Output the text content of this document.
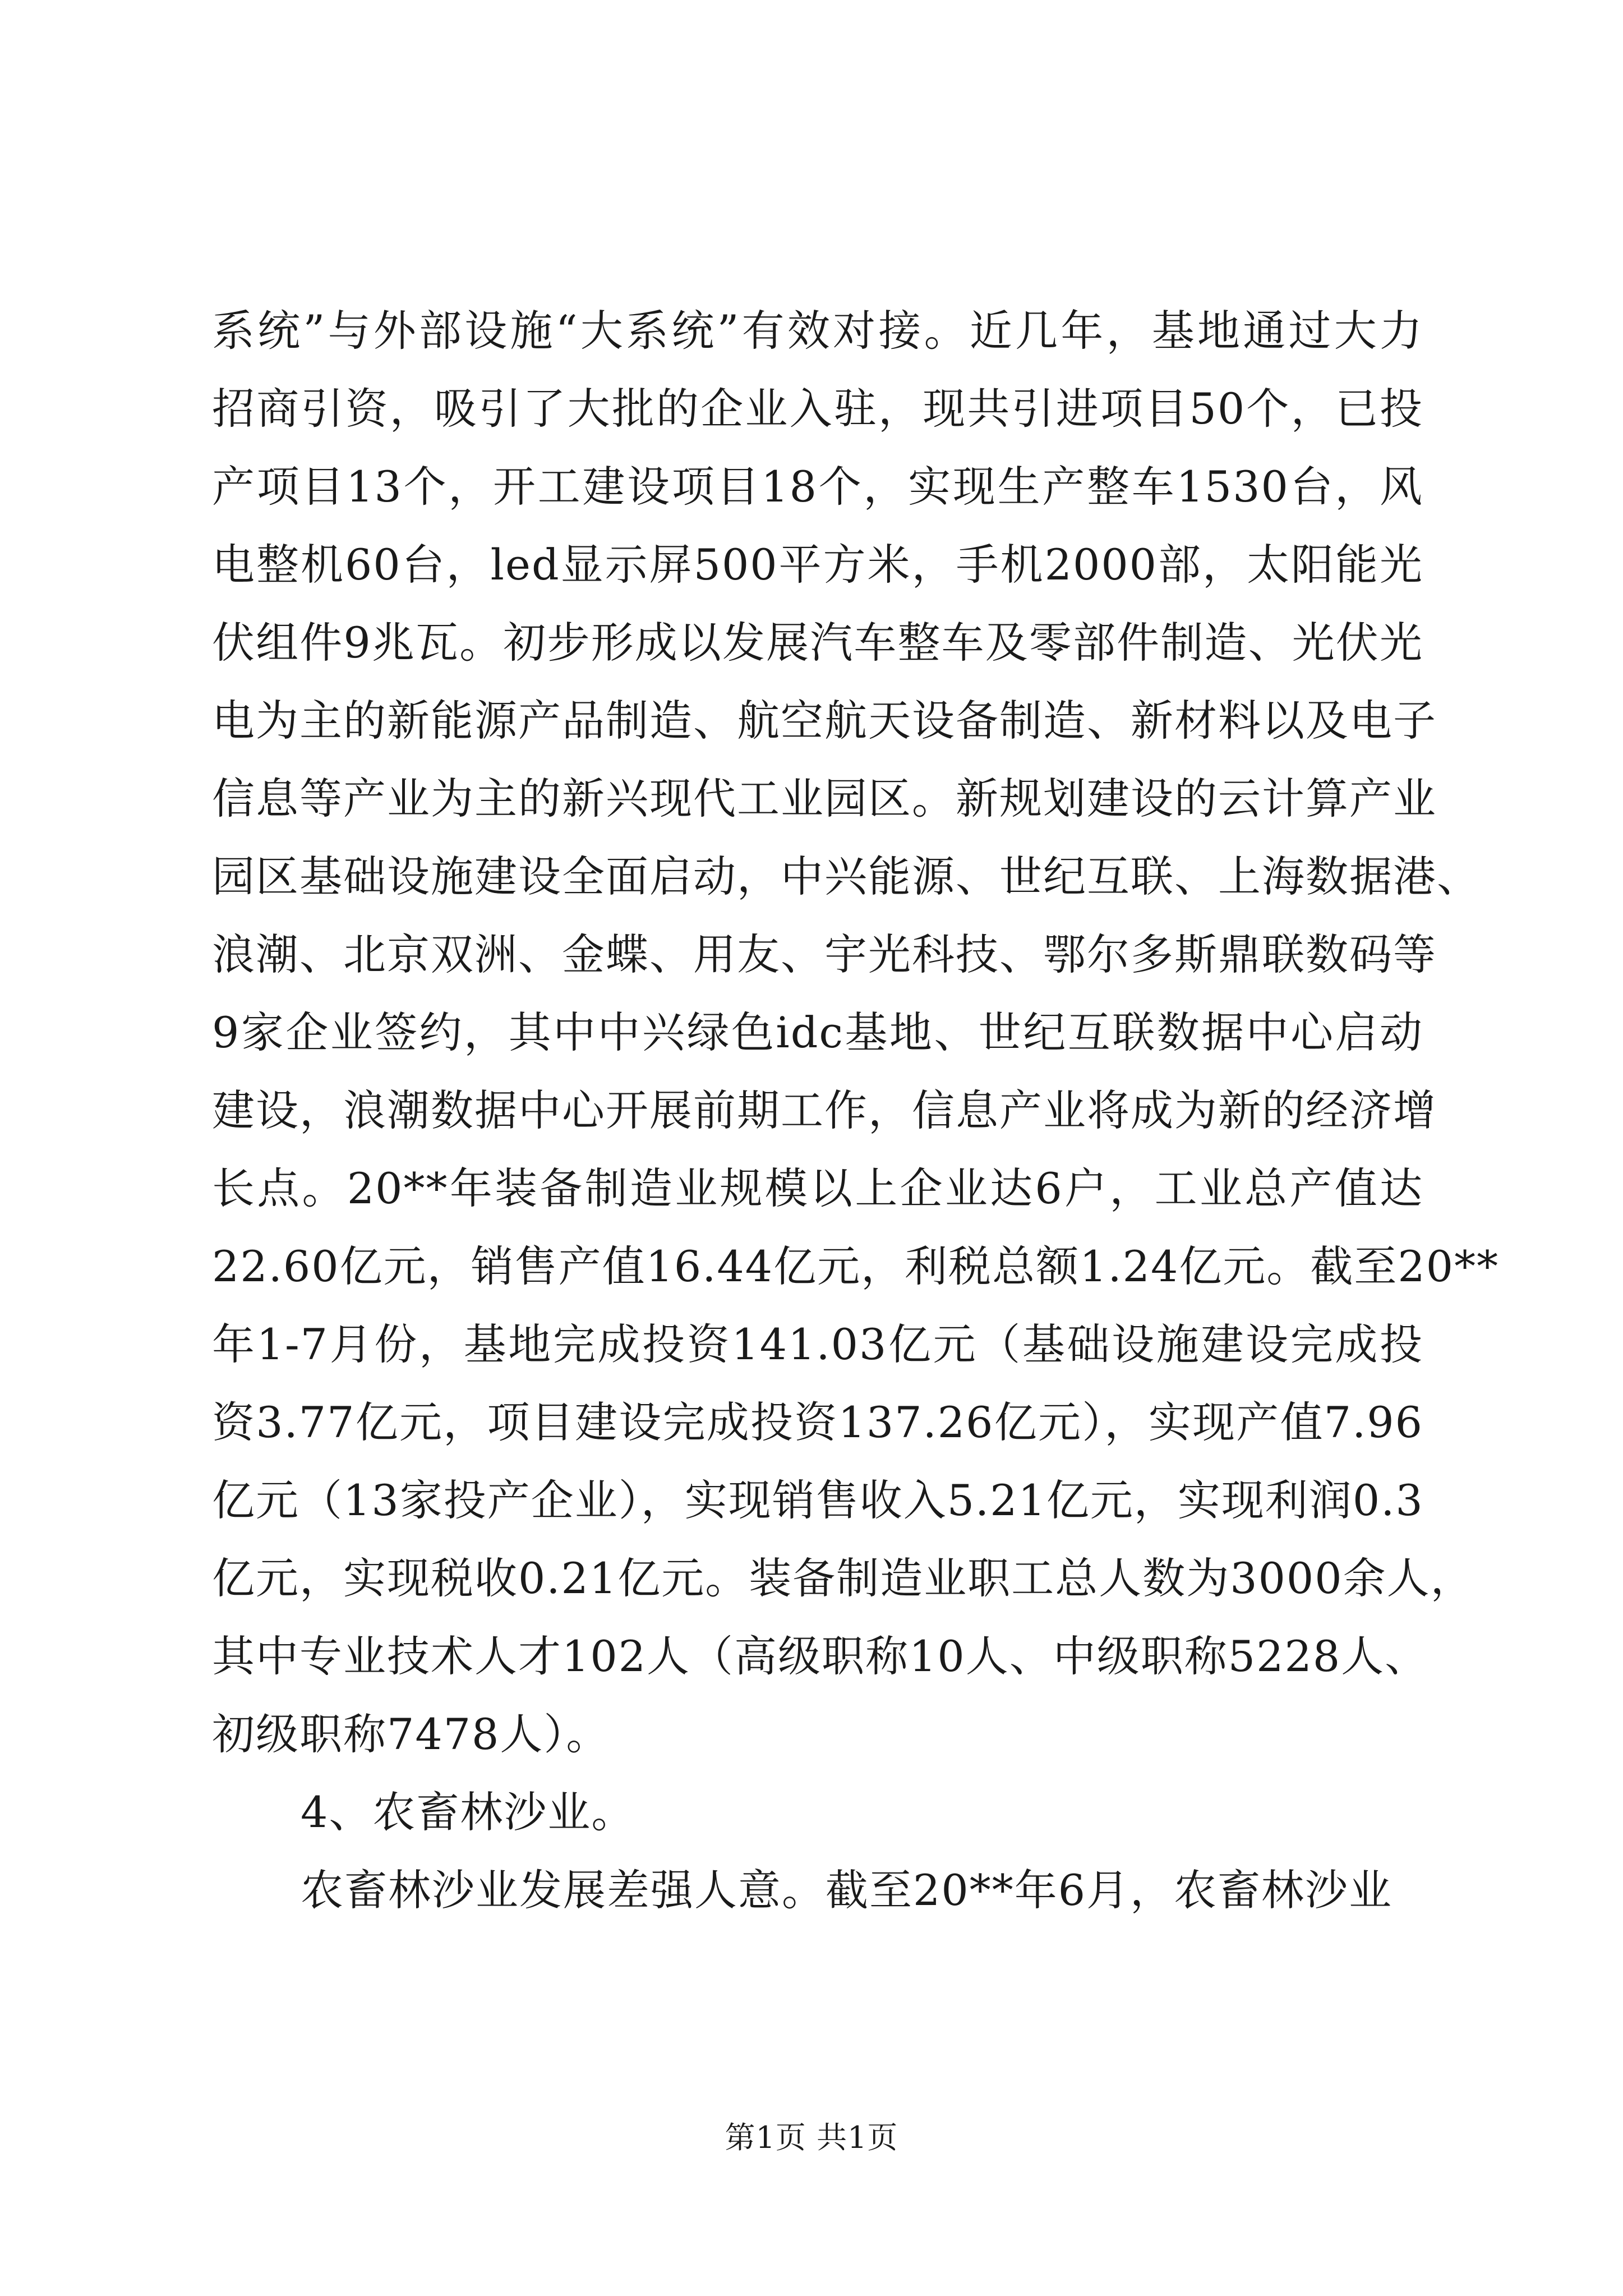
系统”与外部设施“大系统”有效对接。近几年，基地通过大力
招商引资，吸引了大批的企业入驻，现共引进项目50个，已投
产项目13个，开工建设项目18个，实现生产整车1530台，风
电整机60台，led显示屏500平方米，手机2000部，太阳能光
伏组件9兆瓦。初步形成以发展汽车整车及零部件制造、光伏光
电为主的新能源产品制造、航空航天设备制造、新材料以及电子
信息等产业为主的新兴现代工业园区。新规划建设的云计算产业
园区基础设施建设全面启动，中兴能源、世纪互联、上海数据港、
浪潮、北京双洲、金蝶、用友、宇光科技、鄂尔多斯鼎联数码等
9家企业签约，其中中兴绿色idc基地、世纪互联数据中心启动
建设，浪潮数据中心开展前期工作，信息产业将成为新的经济增
长点。20**年装备制造业规模以上企业达6户，工业总产值达
22.60亿元，销售产值16.44亿元，利税总额1.24亿元。截至20**
年1-7月份，基地完成投资141.03亿元（基础设施建设完成投
资3.77亿元，项目建设完成投资137.26亿元），实现产值7.96
亿元（13家投产企业），实现销售收入5.21亿元，实现利润0.3
亿元，实现税收0.21亿元。装备制造业职工总人数为3000余人，
其中专业技术人才102人（高级职称10人、中级职称5228人、
初级职称7478人）。
4、农畜林沙业。
农畜林沙业发展差强人意。截至20**年6月，农畜林沙业
第1页 共1页
